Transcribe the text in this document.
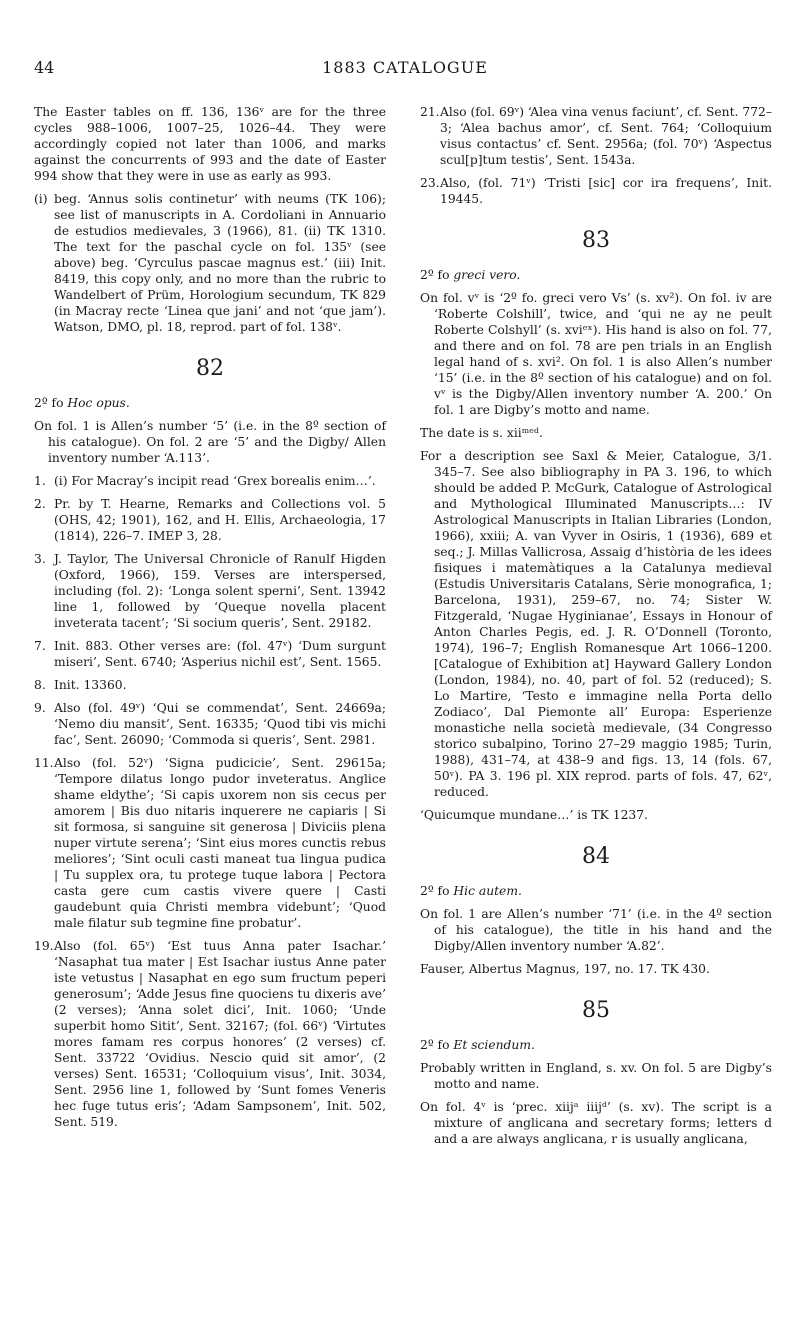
44	1883 CATALOGUE

The Easter tables on ff. 136, 136ᵛ are for the three cycles 988–1006, 1007–25, 1026–44. They were accordingly copied not later than 1006, and marks against the concurrents of 993 and the date of Easter 994 show that they were in use as early as 993.

(i) beg. ‘Annus solis continetur’ with neums (TK 106); see list of manuscripts in A. Cordoliani in Annuario de estudios medievales, 3 (1966), 81. (ii) TK 1310. The text for the paschal cycle on fol. 135ᵛ (see above) beg. ‘Cyrculus pascae magnus est.’ (iii) Init. 8419, this copy only, and no more than the rubric to Wandelbert of Prüm, Horologium secundum, TK 829 (in Macray recte ‘Linea que jani’ and not ‘que jam’). Watson, DMO, pl. 18, reprod. part of fol. 138ᵛ.

82

2º fo Hoc opus.

On fol. 1 is Allen’s number ‘5’ (i.e. in the 8º section of his catalogue). On fol. 2 are ‘5’ and the Digby/ Allen inventory number ‘A.113’.

1. (i) For Macray’s incipit read ‘Grex borealis enim…’.

2. Pr. by T. Hearne, Remarks and Collections vol. 5 (OHS, 42; 1901), 162, and H. Ellis, Archaeologia, 17 (1814), 226–7. IMEP 3, 28.

3. J. Taylor, The Universal Chronicle of Ranulf Higden (Oxford, 1966), 159. Verses are interspersed, including (fol. 2): ‘Longa solent sperni’, Sent. 13942 line 1, followed by ‘Queque novella placent inveterata tacent’; ‘Si socium queris’, Sent. 29182.

7. Init. 883. Other verses are: (fol. 47ᵛ) ‘Dum surgunt miseri’, Sent. 6740; ‘Asperius nichil est’, Sent. 1565.

8. Init. 13360.

9. Also (fol. 49ᵛ) ‘Qui se commendat’, Sent. 24669a; ‘Nemo diu mansit’, Sent. 16335; ‘Quod tibi vis michi fac’, Sent. 26090; ‘Commoda si queris’, Sent. 2981.

11.Also (fol. 52ᵛ) ‘Signa pudicicie’, Sent. 29615a; ‘Tempore dilatus longo pudor inveteratus. Anglice shame eldythe’; ‘Si capis uxorem non sis cecus per amorem | Bis duo nitaris inquerere ne capiaris | Si sit formosa, si sanguine sit generosa | Diviciis plena nuper virtute serena’; ‘Sint eius mores cunctis rebus meliores’; ‘Sint oculi casti maneat tua lingua pudica | Tu supplex ora, tu protege tuque labora | Pectora casta gere cum castis vivere quere | Casti gaudebunt quia Christi membra videbunt’; ‘Quod male filatur sub tegmine fine probatur’.

19.Also (fol. 65ᵛ) ‘Est tuus Anna pater Isachar.’ ‘Nasaphat tua mater | Est Isachar iustus Anne pater iste vetustus | Nasaphat en ego sum fructum peperi generosum’; ‘Adde Jesus fine quociens tu dixeris ave’ (2 verses); ‘Anna solet dici’, Init. 1060; ‘Unde superbit homo Sitit’, Sent. 32167; (fol. 66ᵛ) ‘Virtutes mores famam res corpus honores’ (2 verses) cf. Sent. 33722 ‘Ovidius. Nescio quid sit amor’, (2 verses) Sent. 16531; ‘Colloquium visus’, Init. 3034, Sent. 2956 line 1, followed by ‘Sunt fomes Veneris hec fuge tutus eris’; ‘Adam Sampsonem’, Init. 502, Sent. 519.

21.Also (fol. 69ᵛ) ‘Alea vina venus faciunt’, cf. Sent. 772–3; ‘Alea bachus amor’, cf. Sent. 764; ‘Colloquium visus contactus’ cf. Sent. 2956a; (fol. 70ᵛ) ‘Aspectus scul[p]tum testis’, Sent. 1543a.

23.Also, (fol. 71ᵛ) ‘Tristi [sic] cor ira frequens’, Init. 19445.

83

2º fo greci vero.

On fol. vᵛ is ‘2º fo. greci vero Vs’ (s. xv²). On fol. iv are ‘Roberte Colshill’, twice, and ‘qui ne ay ne peult Roberte Colshyll’ (s. xviᵉˣ). His hand is also on fol. 77, and there and on fol. 78 are pen trials in an English legal hand of s. xvi². On fol. 1 is also Allen’s number ‘15’ (i.e. in the 8º section of his catalogue) and on fol. vᵛ is the Digby/Allen inventory number ‘A. 200.’ On fol. 1 are Digby’s motto and name.

The date is s. xiiᵐᵉᵈ.

For a description see Saxl & Meier, Catalogue, 3/1. 345–7. See also bibliography in PA 3. 196, to which should be added P. McGurk, Catalogue of Astrological and Mythological Illuminated Manuscripts…: IV Astrological Manuscripts in Italian Libraries (London, 1966), xxiii; A. van Vyver in Osiris, 1 (1936), 689 et seq.; J. Millas Vallicrosa, Assaig d’història de les idees fisiques i matemàtiques a la Catalunya medieval (Estudis Universitaris Catalans, Sèrie monografica, 1; Barcelona, 1931), 259–67, no. 74; Sister W. Fitzgerald, ‘Nugae Hyginianae’, Essays in Honour of Anton Charles Pegis, ed. J. R. O’Donnell (Toronto, 1974), 196–7; English Romanesque Art 1066–1200. [Catalogue of Exhibition at] Hayward Gallery London (London, 1984), no. 40, part of fol. 52 (reduced); S. Lo Martire, ‘Testo e immagine nella Porta dello Zodiaco’, Dal Piemonte all’ Europa: Esperienze monastiche nella società medievale, (34 Congresso storico subalpino, Torino 27–29 maggio 1985; Turin, 1988), 431–74, at 438–9 and figs. 13, 14 (fols. 67, 50ᵛ). PA 3. 196 pl. XIX reprod. parts of fols. 47, 62ᵛ, reduced.

‘Quicumque mundane…’ is TK 1237.

84

2º fo Hic autem.

On fol. 1 are Allen’s number ‘71’ (i.e. in the 4º section of his catalogue), the title in his hand and the Digby/Allen inventory number ‘A.82’.

Fauser, Albertus Magnus, 197, no. 17. TK 430.

85

2º fo Et sciendum.

Probably written in England, s. xv. On fol. 5 are Digby’s motto and name.

On fol. 4ᵛ is ‘prec. xiijᵃ iiijᵈ’ (s. xv). The script is a mixture of anglicana and secretary forms; letters d and a are always anglicana, r is usually anglicana,
